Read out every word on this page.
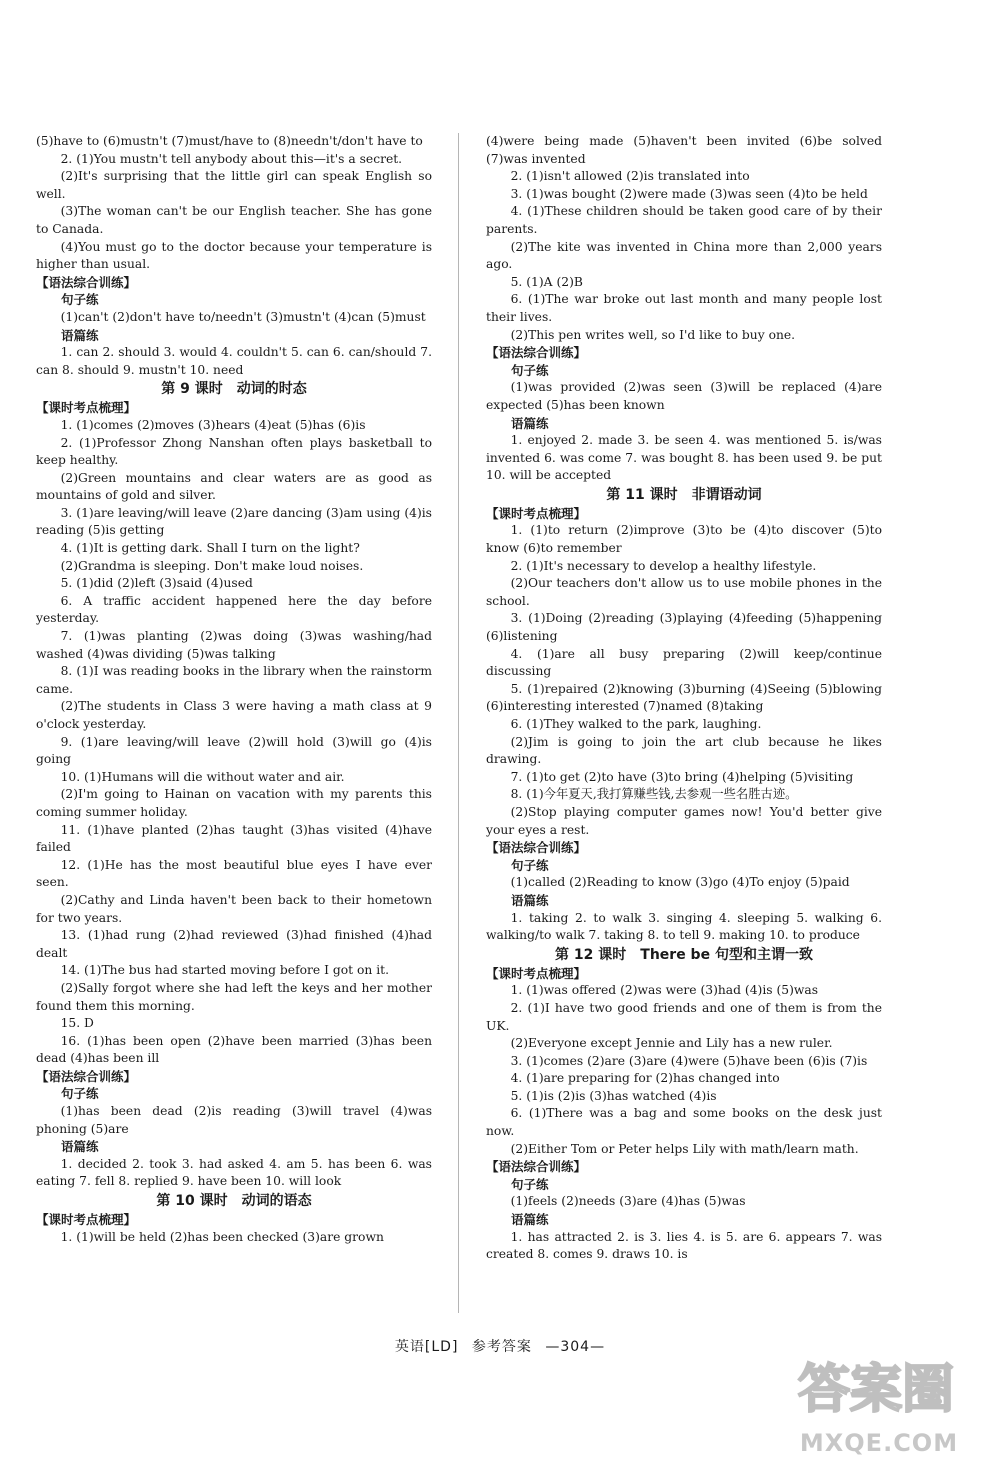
(5)have to (6)mustn't (7)must/have to (8)needn't/don't have to
2. (1)You mustn't tell anybody about this—it's a secret.
(2)It's surprising that the little girl can speak English so well.
(3)The woman can't be our English teacher. She has gone to Canada.
(4)You must go to the doctor because your temperature is higher than usual.
【语法综合训练】
句子练
(1)can't (2)don't have to/needn't (3)mustn't (4)can (5)must
语篇练
1. can 2. should 3. would 4. couldn't 5. can 6. can/should 7. can 8. should 9. mustn't 10. need
第 9 课时　动词的时态
【课时考点梳理】
1. (1)comes (2)moves (3)hears (4)eat (5)has (6)is
2. (1)Professor Zhong Nanshan often plays basketball to keep healthy.
(2)Green mountains and clear waters are as good as mountains of gold and silver.
3. (1)are leaving/will leave (2)are dancing (3)am using (4)is reading (5)is getting
4. (1)It is getting dark. Shall I turn on the light?
(2)Grandma is sleeping. Don't make loud noises.
5. (1)did (2)left (3)said (4)used
6. A traffic accident happened here the day before yesterday.
7. (1)was planting (2)was doing (3)was washing/had washed (4)was dividing (5)was talking
8. (1)I was reading books in the library when the rainstorm came.
(2)The students in Class 3 were having a math class at 9 o'clock yesterday.
9. (1)are leaving/will leave (2)will hold (3)will go (4)is going
10. (1)Humans will die without water and air.
(2)I'm going to Hainan on vacation with my parents this coming summer holiday.
11. (1)have planted (2)has taught (3)has visited (4)have failed
12. (1)He has the most beautiful blue eyes I have ever seen.
(2)Cathy and Linda haven't been back to their hometown for two years.
13. (1)had rung (2)had reviewed (3)had finished (4)had dealt
14. (1)The bus had started moving before I got on it.
(2)Sally forgot where she had left the keys and her mother found them this morning.
15. D
16. (1)has been open (2)have been married (3)has been dead (4)has been ill
【语法综合训练】
句子练
(1)has been dead (2)is reading (3)will travel (4)was phoning (5)are
语篇练
1. decided 2. took 3. had asked 4. am 5. has been 6. was eating 7. fell 8. replied 9. have been 10. will look
第 10 课时　动词的语态
【课时考点梳理】
1. (1)will be held (2)has been checked (3)are grown
(4)were being made (5)haven't been invited (6)be solved (7)was invented
2. (1)isn't allowed (2)is translated into
3. (1)was bought (2)were made (3)was seen (4)to be held
4. (1)These children should be taken good care of by their parents.
(2)The kite was invented in China more than 2,000 years ago.
5. (1)A (2)B
6. (1)The war broke out last month and many people lost their lives.
(2)This pen writes well, so I'd like to buy one.
【语法综合训练】
句子练
(1)was provided (2)was seen (3)will be replaced (4)are expected (5)has been known
语篇练
1. enjoyed 2. made 3. be seen 4. was mentioned 5. is/was invented 6. was come 7. was bought 8. has been used 9. be put 10. will be accepted
第 11 课时　非谓语动词
【课时考点梳理】
1. (1)to return (2)improve (3)to be (4)to discover (5)to know (6)to remember
2. (1)It's necessary to develop a healthy lifestyle.
(2)Our teachers don't allow us to use mobile phones in the school.
3. (1)Doing (2)reading (3)playing (4)feeding (5)happening (6)listening
4. (1)are all busy preparing (2)will keep/continue discussing
5. (1)repaired (2)knowing (3)burning (4)Seeing (5)blowing (6)interesting interested (7)named (8)taking
6. (1)They walked to the park, laughing.
(2)Jim is going to join the art club because he likes drawing.
7. (1)to get (2)to have (3)to bring (4)helping (5)visiting
8. (1)今年夏天,我打算赚些钱,去参观一些名胜古迹。
(2)Stop playing computer games now! You'd better give your eyes a rest.
【语法综合训练】
句子练
(1)called (2)Reading to know (3)go (4)To enjoy (5)paid
语篇练
1. taking 2. to walk 3. singing 4. sleeping 5. walking 6. walking/to walk 7. taking 8. to tell 9. making 10. to produce
第 12 课时　There be 句型和主谓一致
【课时考点梳理】
1. (1)was offered (2)was were (3)had (4)is (5)was
2. (1)I have two good friends and one of them is from the UK.
(2)Everyone except Jennie and Lily has a new ruler.
3. (1)comes (2)are (3)are (4)were (5)have been (6)is (7)is
4. (1)are preparing for (2)has changed into
5. (1)is (2)is (3)has watched (4)is
6. (1)There was a bag and some books on the desk just now.
(2)Either Tom or Peter helps Lily with math/learn math.
【语法综合训练】
句子练
(1)feels (2)needs (3)are (4)has (5)was
语篇练
1. has attracted 2. is 3. lies 4. is 5. are 6. appears 7. was created 8. comes 9. draws 10. is
英语[LD] 参考答案 —304—
答案圈
MXQE.COM
